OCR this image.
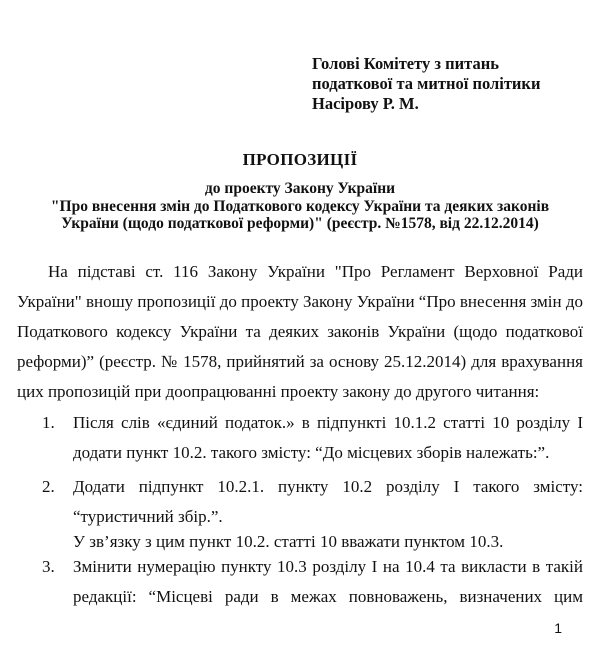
Голові Комітету з питань
податкової та митної політики
Насірову Р. М.
ПРОПОЗИЦІЇ
до проекту Закону України
"Про внесення змін до Податкового кодексу України та деяких законів
України (щодо податкової реформи)" (реєстр. №1578, від 22.12.2014)
На підставі ст. 116 Закону України "Про Регламент Верховної Ради України" вношу пропозиції до проекту Закону України “Про внесення змін до Податкового кодексу України та деяких законів України (щодо податкової реформи)” (реєстр. № 1578, прийнятий за основу 25.12.2014) для врахування цих пропозицій при доопрацюванні проекту закону до другого читання:
1. Після слів «єдиний податок.» в підпункті 10.1.2 статті 10 розділу І
додати пункт 10.2. такого змісту: “До місцевих зборів належать:”.
2. Додати підпункт 10.2.1. пункту 10.2 розділу І такого змісту:
“туристичний збір.”.
У зв’язку з цим пункт 10.2. статті 10 вважати пунктом 10.3.
3. Змінити нумерацію пункту 10.3 розділу І на 10.4 та викласти в такій
редакції: “Місцеві ради в межах повноважень, визначених цим
1
